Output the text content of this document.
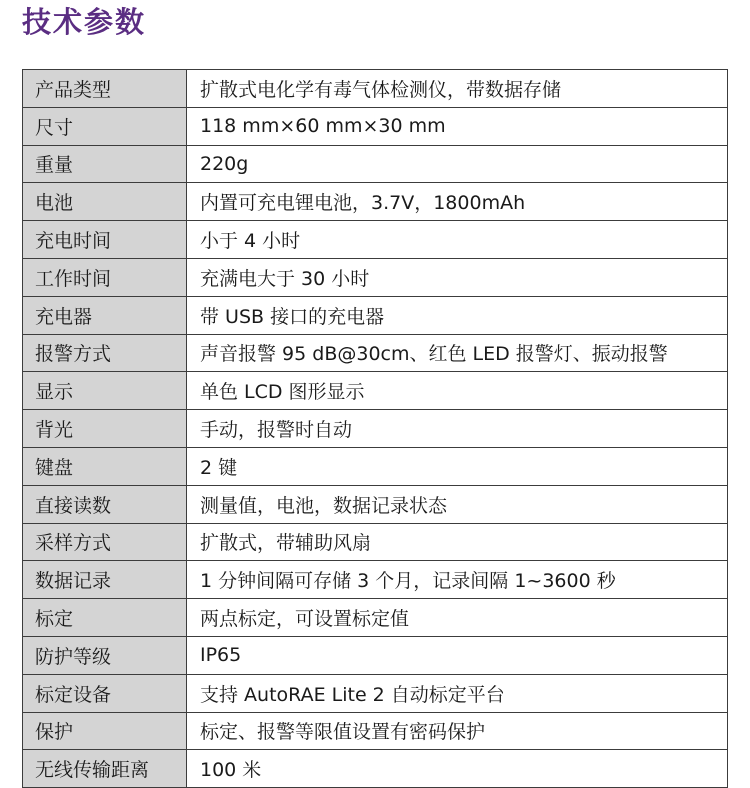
技术参数
产品类型	扩散式电化学有毒气体检测仪，带数据存储
尺寸	118 mm×60 mm×30 mm
重量	220g
电池	内置可充电锂电池，3.7V，1800mAh
充电时间	小于 4 小时
工作时间	充满电大于 30 小时
充电器	带 USB 接口的充电器
报警方式	声音报警 95 dB@30cm、红色 LED 报警灯、振动报警
显示	单色 LCD 图形显示
背光	手动，报警时自动
键盘	2 键
直接读数	测量值，电池，数据记录状态
采样方式	扩散式，带辅助风扇
数据记录	1 分钟间隔可存储 3 个月，记录间隔 1~3600 秒
标定	两点标定，可设置标定值
防护等级	IP65
标定设备	支持 AutoRAE Lite 2 自动标定平台
保护	标定、报警等限值设置有密码保护
无线传输距离	100 米
